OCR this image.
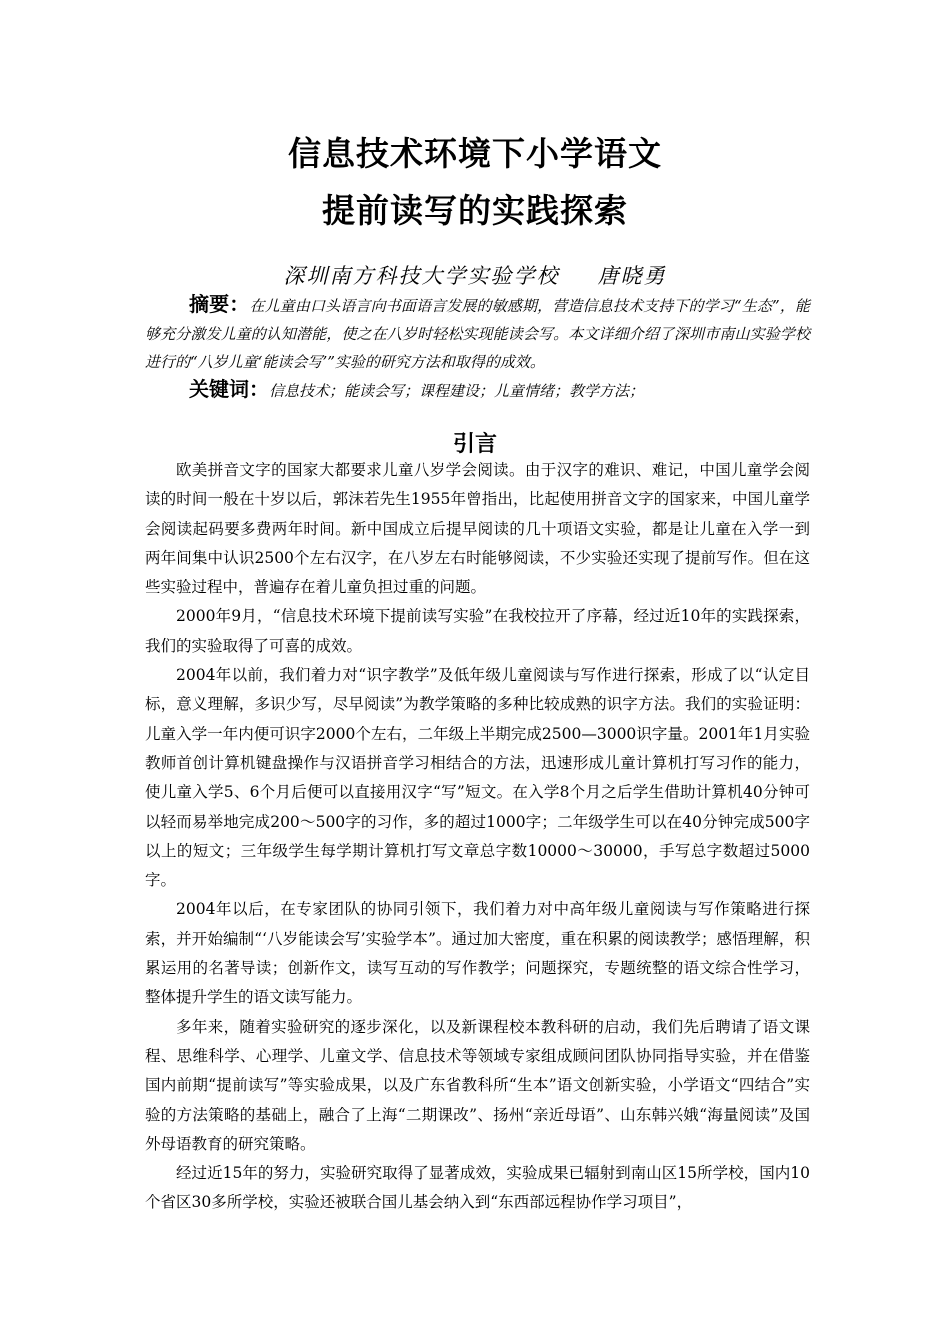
信息技术环境下小学语文
提前读写的实践探索
深圳南方科技大学实验学校 唐晓勇
摘要：在儿童由口头语言向书面语言发展的敏感期，营造信息技术支持下的学习“生态”，能够充分激发儿童的认知潜能，使之在八岁时轻松实现能读会写。本文详细介绍了深圳市南山实验学校进行的“八岁儿童‘能读会写’”实验的研究方法和取得的成效。
关键词：信息技术；能读会写；课程建设；儿童情绪；教学方法；
引言

欧美拼音文字的国家大都要求儿童八岁学会阅读。由于汉字的难识、难记，中国儿童学会阅读的时间一般在十岁以后，郭沫若先生1955年曾指出，比起使用拼音文字的国家来，中国儿童学会阅读起码要多费两年时间。新中国成立后提早阅读的几十项语文实验，都是让儿童在入学一到两年间集中认识2500个左右汉字，在八岁左右时能够阅读，不少实验还实现了提前写作。但在这些实验过程中，普遍存在着儿童负担过重的问题。

2000年9月，“信息技术环境下提前读写实验”在我校拉开了序幕，经过近10年的实践探索，我们的实验取得了可喜的成效。

2004年以前，我们着力对“识字教学”及低年级儿童阅读与写作进行探索，形成了以“认定目标，意义理解，多识少写，尽早阅读”为教学策略的多种比较成熟的识字方法。我们的实验证明：儿童入学一年内便可识字2000个左右，二年级上半期完成2500—3000识字量。2001年1月实验教师首创计算机键盘操作与汉语拼音学习相结合的方法，迅速形成儿童计算机打写习作的能力，使儿童入学5、6个月后便可以直接用汉字“写”短文。在入学8个月之后学生借助计算机40分钟可以轻而易举地完成200～500字的习作，多的超过1000字；二年级学生可以在40分钟完成500字以上的短文；三年级学生每学期计算机打写文章总字数10000～30000，手写总字数超过5000字。

2004年以后，在专家团队的协同引领下，我们着力对中高年级儿童阅读与写作策略进行探索，并开始编制“‘八岁能读会写’实验学本”。通过加大密度，重在积累的阅读教学；感悟理解，积累运用的名著导读；创新作文，读写互动的写作教学；问题探究，专题统整的语文综合性学习，整体提升学生的语文读写能力。

多年来，随着实验研究的逐步深化，以及新课程校本教科研的启动，我们先后聘请了语文课程、思维科学、心理学、儿童文学、信息技术等领域专家组成顾问团队协同指导实验，并在借鉴国内前期“提前读写”等实验成果，以及广东省教科所“生本”语文创新实验，小学语文“四结合”实验的方法策略的基础上，融合了上海“二期课改”、扬州“亲近母语”、山东韩兴娥“海量阅读”及国外母语教育的研究策略。

经过近15年的努力，实验研究取得了显著成效，实验成果已辐射到南山区15所学校，国内10个省区30多所学校，实验还被联合国儿基会纳入到“东西部远程协作学习项目”，
